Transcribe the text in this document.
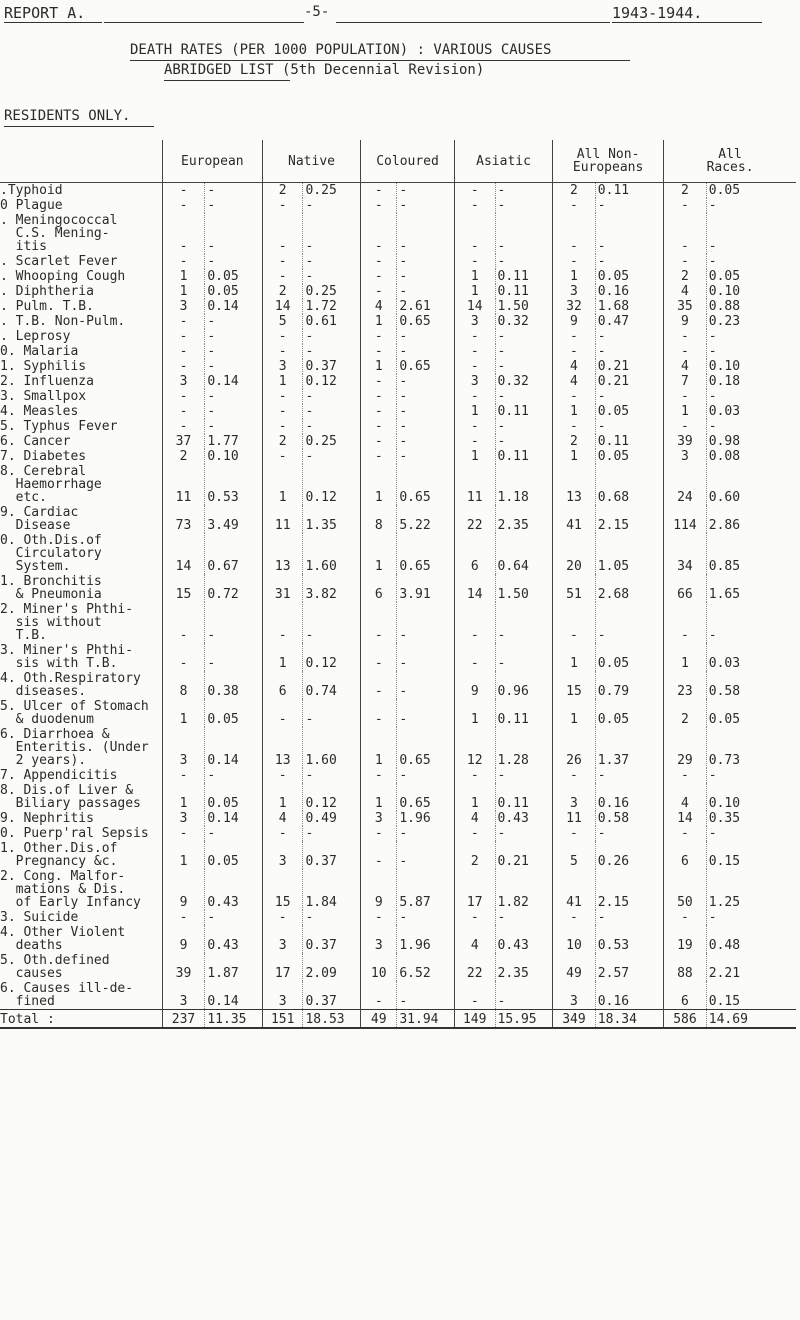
REPORT A.	-5-	1943-1944.
DEATH RATES (PER 1000 POPULATION) : VARIOUS CAUSES
ABRIDGED LIST (5th Decennial Revision)
RESIDENTS ONLY.
	European		Native		Coloured		Asiatic		All Non-
Europeans		All
Races.	
.Typhoid	-	-	2	0.25	-	-	-	-	2	0.11	2	0.05
0 Plague	-	-	-	-	-	-	-	-	-	-	-	-
. Meningococcal
C.S. Mening-
itis	-	-	-	-	-	-	-	-	-	-	-	-
. Scarlet Fever	-	-	-	-	-	-	-	-	-	-	-	-
. Whooping Cough	1	0.05	-	-	-	-	1	0.11	1	0.05	2	0.05
. Diphtheria	1	0.05	2	0.25	-	-	1	0.11	3	0.16	4	0.10
. Pulm. T.B.	3	0.14	14	1.72	4	2.61	14	1.50	32	1.68	35	0.88
. T.B. Non-Pulm.	-	-	5	0.61	1	0.65	3	0.32	9	0.47	9	0.23
. Leprosy	-	-	-	-	-	-	-	-	-	-	-	-
0. Malaria	-	-	-	-	-	-	-	-	-	-	-	-
1. Syphilis	-	-	3	0.37	1	0.65	-	-	4	0.21	4	0.10
2. Influenza	3	0.14	1	0.12	-	-	3	0.32	4	0.21	7	0.18
3. Smallpox	-	-	-	-	-	-	-	-	-	-	-	-
4. Measles	-	-	-	-	-	-	1	0.11	1	0.05	1	0.03
5. Typhus Fever	-	-	-	-	-	-	-	-	-	-	-	-
6. Cancer	37	1.77	2	0.25	-	-	-	-	2	0.11	39	0.98
7. Diabetes	2	0.10	-	-	-	-	1	0.11	1	0.05	3	0.08
8. Cerebral
Haemorrhage
etc.	11	0.53	1	0.12	1	0.65	11	1.18	13	0.68	24	0.60
9. Cardiac
Disease	73	3.49	11	1.35	8	5.22	22	2.35	41	2.15	114	2.86
0. Oth.Dis.of
Circulatory
System.	14	0.67	13	1.60	1	0.65	6	0.64	20	1.05	34	0.85
1. Bronchitis
& Pneumonia	15	0.72	31	3.82	6	3.91	14	1.50	51	2.68	66	1.65
2. Miner's Phthi-
sis without
T.B.	-	-	-	-	-	-	-	-	-	-	-	-
3. Miner's Phthi-
sis with T.B.	-	-	1	0.12	-	-	-	-	1	0.05	1	0.03
4. Oth.Respiratory
diseases.	8	0.38	6	0.74	-	-	9	0.96	15	0.79	23	0.58
5. Ulcer of Stomach
& duodenum	1	0.05	-	-	-	-	1	0.11	1	0.05	2	0.05
6. Diarrhoea &
Enteritis. (Under
2 years).	3	0.14	13	1.60	1	0.65	12	1.28	26	1.37	29	0.73
7. Appendicitis	-	-	-	-	-	-	-	-	-	-	-	-
8. Dis.of Liver &
Biliary passages	1	0.05	1	0.12	1	0.65	1	0.11	3	0.16	4	0.10
9. Nephritis	3	0.14	4	0.49	3	1.96	4	0.43	11	0.58	14	0.35
0. Puerp'ral Sepsis	-	-	-	-	-	-	-	-	-	-	-	-
1. Other.Dis.of
Pregnancy &c.	1	0.05	3	0.37	-	-	2	0.21	5	0.26	6	0.15
2. Cong. Malfor-
mations & Dis.
of Early Infancy	9	0.43	15	1.84	9	5.87	17	1.82	41	2.15	50	1.25
3. Suicide	-	-	-	-	-	-	-	-	-	-	-	-
4. Other Violent
deaths	9	0.43	3	0.37	3	1.96	4	0.43	10	0.53	19	0.48
5. Oth.defined
causes	39	1.87	17	2.09	10	6.52	22	2.35	49	2.57	88	2.21
6. Causes ill-de-
fined	3	0.14	3	0.37	-	-	-	-	3	0.16	6	0.15
Total :	237	11.35	151	18.53	49	31.94	149	15.95	349	18.34	586	14.69
